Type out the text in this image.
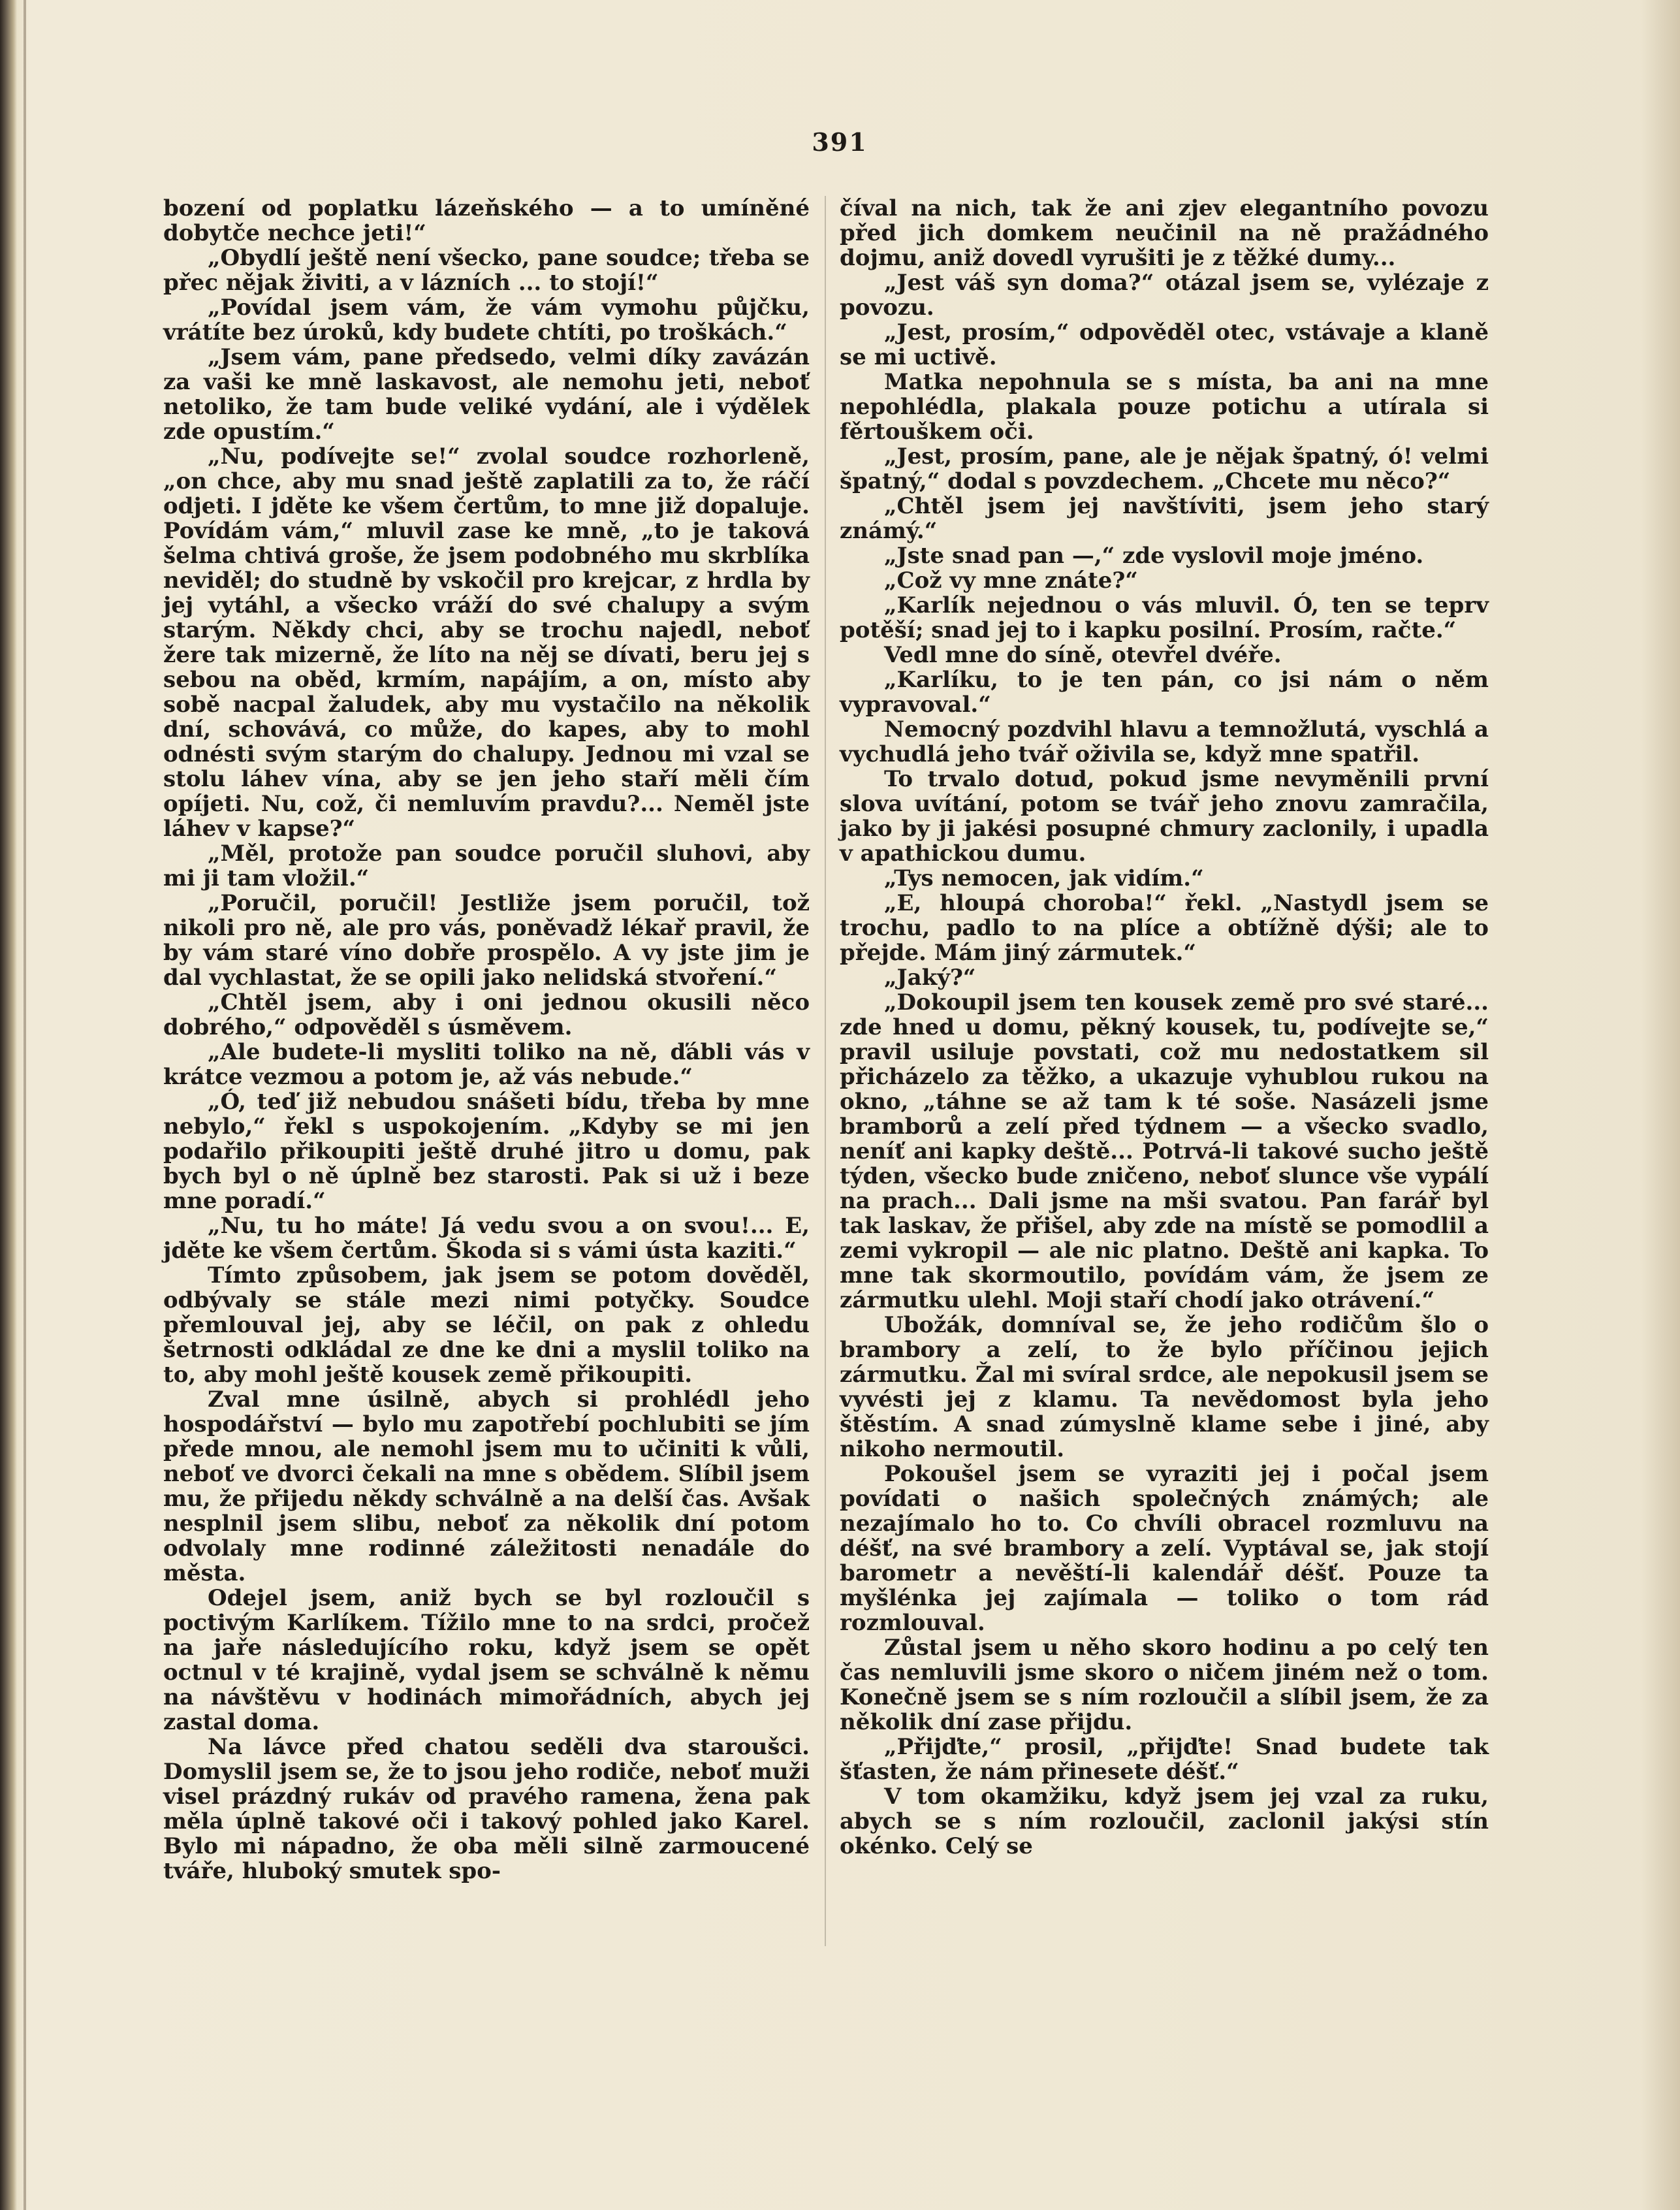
391

bození od poplatku lázeňského — a to umíněné dobytče nechce jeti!“

„Obydlí ještě není všecko, pane soudce; třeba se přec nějak živiti, a v lázních ... to stojí!“

„Povídal jsem vám, že vám vymohu půjčku, vrátíte bez úroků, kdy budete chtíti, po troškách.“

„Jsem vám, pane předsedo, velmi díky zavázán za vaši ke mně laskavost, ale nemohu jeti, neboť netoliko, že tam bude veliké vydání, ale i výdělek zde opustím.“

„Nu, podívejte se!“ zvolal soudce rozhorleně, „on chce, aby mu snad ještě zaplatili za to, že ráčí odjeti. I jděte ke všem čertům, to mne již dopaluje. Povídám vám,“ mluvil zase ke mně, „to je taková šelma chtivá groše, že jsem podobného mu skrblíka neviděl; do studně by vskočil pro krejcar, z hrdla by jej vytáhl, a všecko vráží do své chalupy a svým starým. Někdy chci, aby se trochu najedl, neboť žere tak mizerně, že líto na něj se dívati, beru jej s sebou na oběd, krmím, napájím, a on, místo aby sobě nacpal žaludek, aby mu vystačilo na několik dní, schovává, co může, do kapes, aby to mohl odnésti svým starým do chalupy. Jednou mi vzal se stolu láhev vína, aby se jen jeho staří měli čím opíjeti. Nu, což, či nemluvím pravdu?... Neměl jste láhev v kapse?“

„Měl, protože pan soudce poručil sluhovi, aby mi ji tam vložil.“

„Poručil, poručil! Jestliže jsem poručil, tož nikoli pro ně, ale pro vás, poněvadž lékař pravil, že by vám staré víno dobře prospělo. A vy jste jim je dal vychlastat, že se opili jako nelidská stvoření.“

„Chtěl jsem, aby i oni jednou okusili něco dobrého,“ odpověděl s úsměvem.

„Ale budete-li mysliti toliko na ně, ďábli vás v krátce vezmou a potom je, až vás nebude.“

„Ó, teď již nebudou snášeti bídu, třeba by mne nebylo,“ řekl s uspokojením. „Kdyby se mi jen podařilo přikoupiti ještě druhé jitro u domu, pak bych byl o ně úplně bez starosti. Pak si už i beze mne poradí.“

„Nu, tu ho máte! Já vedu svou a on svou!... E, jděte ke všem čertům. Škoda si s vámi ústa kaziti.“

Tímto způsobem, jak jsem se potom dověděl, odbývaly se stále mezi nimi potyčky. Soudce přemlouval jej, aby se léčil, on pak z ohledu šetrnosti odkládal ze dne ke dni a myslil toliko na to, aby mohl ještě kousek země přikoupiti.

Zval mne úsilně, abych si prohlédl jeho hospodářství — bylo mu zapotřebí pochlubiti se jím přede mnou, ale nemohl jsem mu to učiniti k vůli, neboť ve dvorci čekali na mne s obědem. Slíbil jsem mu, že přijedu někdy schválně a na delší čas. Avšak nesplnil jsem slibu, neboť za několik dní potom odvolaly mne rodinné záležitosti nenadále do města.

Odejel jsem, aniž bych se byl rozloučil s poctivým Karlíkem. Tížilo mne to na srdci, pročež na jaře následujícího roku, když jsem se opět octnul v té krajině, vydal jsem se schválně k němu na návštěvu v hodinách mimořádních, abych jej zastal doma.

Na lávce před chatou seděli dva staroušci. Domyslil jsem se, že to jsou jeho rodiče, neboť muži visel prázdný rukáv od pravého ramena, žena pak měla úplně takové oči i takový pohled jako Karel. Bylo mi nápadno, že oba měli silně zarmoucené tváře, hluboký smutek spo-

číval na nich, tak že ani zjev elegantního povozu před jich domkem neučinil na ně pražádného dojmu, aniž dovedl vyrušiti je z těžké dumy...

„Jest váš syn doma?“ otázal jsem se, vylézaje z povozu.

„Jest, prosím,“ odpověděl otec, vstávaje a klaně se mi uctivě.

Matka nepohnula se s místa, ba ani na mne nepohlédla, plakala pouze potichu a utírala si fěrtouškem oči.

„Jest, prosím, pane, ale je nějak špatný, ó! velmi špatný,“ dodal s povzdechem. „Chcete mu něco?“

„Chtěl jsem jej navštíviti, jsem jeho starý známý.“

„Jste snad pan —,“ zde vyslovil moje jméno.

„Což vy mne znáte?“

„Karlík nejednou o vás mluvil. Ó, ten se teprv potěší; snad jej to i kapku posilní. Prosím, račte.“

Vedl mne do síně, otevřel dvéře.

„Karlíku, to je ten pán, co jsi nám o něm vypravoval.“

Nemocný pozdvihl hlavu a temnožlutá, vyschlá a vychudlá jeho tvář oživila se, když mne spatřil.

To trvalo dotud, pokud jsme nevyměnili první slova uvítání, potom se tvář jeho znovu zamračila, jako by ji jakési posupné chmury zaclonily, i upadla v apathickou dumu.

„Tys nemocen, jak vidím.“

„E, hloupá choroba!“ řekl. „Nastydl jsem se trochu, padlo to na plíce a obtížně dýši; ale to přejde. Mám jiný zármutek.“

„Jaký?“

„Dokoupil jsem ten kousek země pro své staré... zde hned u domu, pěkný kousek, tu, podívejte se,“ pravil usiluje povstati, což mu nedostatkem sil přicházelo za těžko, a ukazuje vyhublou rukou na okno, „táhne se až tam k té soše. Nasázeli jsme bramborů a zelí před týdnem — a všecko svadlo, neníť ani kapky deště... Potrvá-li takové sucho ještě týden, všecko bude zničeno, neboť slunce vše vypálí na prach... Dali jsme na mši svatou. Pan farář byl tak laskav, že přišel, aby zde na místě se pomodlil a zemi vykropil — ale nic platno. Deště ani kapka. To mne tak skormoutilo, povídám vám, že jsem ze zármutku ulehl. Moji staří chodí jako otrávení.“

Ubožák, domníval se, že jeho rodičům šlo o brambory a zelí, to že bylo příčinou jejich zármutku. Žal mi svíral srdce, ale nepokusil jsem se vyvésti jej z klamu. Ta nevědomost byla jeho štěstím. A snad zúmyslně klame sebe i jiné, aby nikoho nermoutil.

Pokoušel jsem se vyraziti jej i počal jsem povídati o našich společných známých; ale nezajímalo ho to. Co chvíli obracel rozmluvu na déšť, na své brambory a zelí. Vyptával se, jak stojí barometr a nevěští-li kalendář déšť. Pouze ta myšlénka jej zajímala — toliko o tom rád rozmlouval.

Zůstal jsem u něho skoro hodinu a po celý ten čas nemluvili jsme skoro o ničem jiném než o tom. Konečně jsem se s ním rozloučil a slíbil jsem, že za několik dní zase přijdu.

„Přijďte,“ prosil, „přijďte! Snad budete tak šťasten, že nám přinesete déšť.“

V tom okamžiku, když jsem jej vzal za ruku, abych se s ním rozloučil, zaclonil jakýsi stín okénko. Celý se
